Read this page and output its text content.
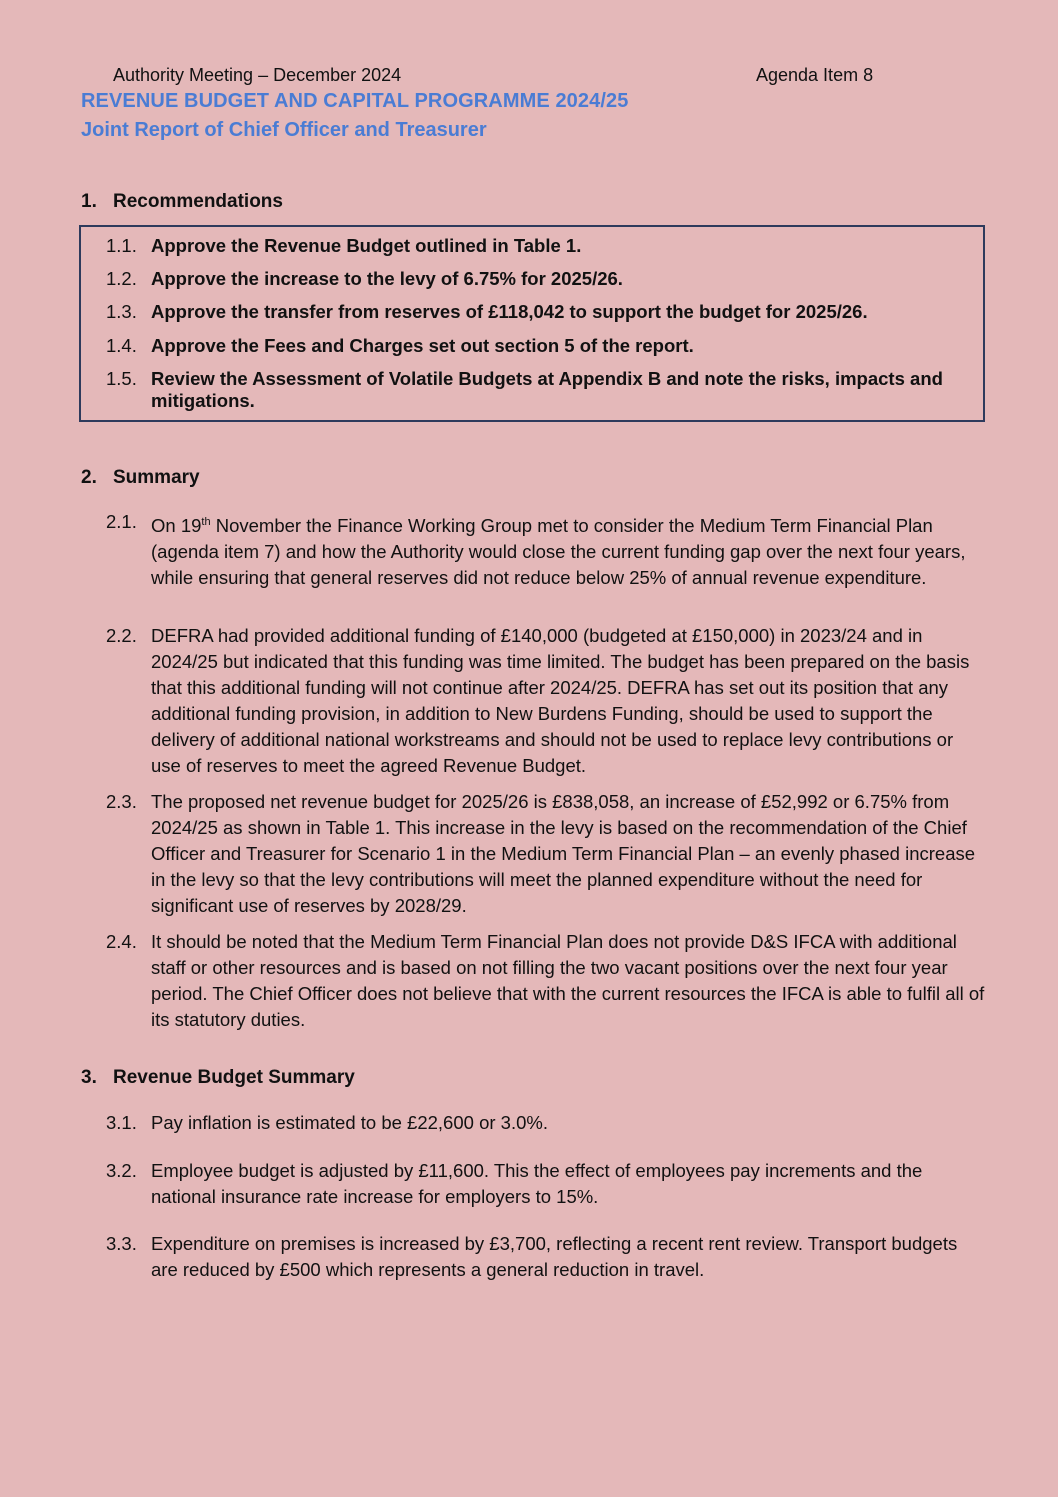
Authority Meeting – December 2024	Agenda Item 8
REVENUE BUDGET AND CAPITAL PROGRAMME 2024/25
Joint Report of Chief Officer and Treasurer
1. Recommendations
1.1. Approve the Revenue Budget outlined in Table 1.
1.2. Approve the increase to the levy of 6.75% for 2025/26.
1.3. Approve the transfer from reserves of £118,042 to support the budget for 2025/26.
1.4. Approve the Fees and Charges set out section 5 of the report.
1.5. Review the Assessment of Volatile Budgets at Appendix B and note the risks, impacts and mitigations.
2. Summary
2.1. On 19th November the Finance Working Group met to consider the Medium Term Financial Plan (agenda item 7) and how the Authority would close the current funding gap over the next four years, while ensuring that general reserves did not reduce below 25% of annual revenue expenditure.
2.2. DEFRA had provided additional funding of £140,000 (budgeted at £150,000) in 2023/24 and in 2024/25 but indicated that this funding was time limited. The budget has been prepared on the basis that this additional funding will not continue after 2024/25. DEFRA has set out its position that any additional funding provision, in addition to New Burdens Funding, should be used to support the delivery of additional national workstreams and should not be used to replace levy contributions or use of reserves to meet the agreed Revenue Budget.
2.3. The proposed net revenue budget for 2025/26 is £838,058, an increase of £52,992 or 6.75% from 2024/25 as shown in Table 1. This increase in the levy is based on the recommendation of the Chief Officer and Treasurer for Scenario 1 in the Medium Term Financial Plan – an evenly phased increase in the levy so that the levy contributions will meet the planned expenditure without the need for significant use of reserves by 2028/29.
2.4. It should be noted that the Medium Term Financial Plan does not provide D&S IFCA with additional staff or other resources and is based on not filling the two vacant positions over the next four year period. The Chief Officer does not believe that with the current resources the IFCA is able to fulfil all of its statutory duties.
3. Revenue Budget Summary
3.1. Pay inflation is estimated to be £22,600 or 3.0%.
3.2. Employee budget is adjusted by £11,600. This the effect of employees pay increments and the national insurance rate increase for employers to 15%.
3.3. Expenditure on premises is increased by £3,700, reflecting a recent rent review. Transport budgets are reduced by £500 which represents a general reduction in travel.
